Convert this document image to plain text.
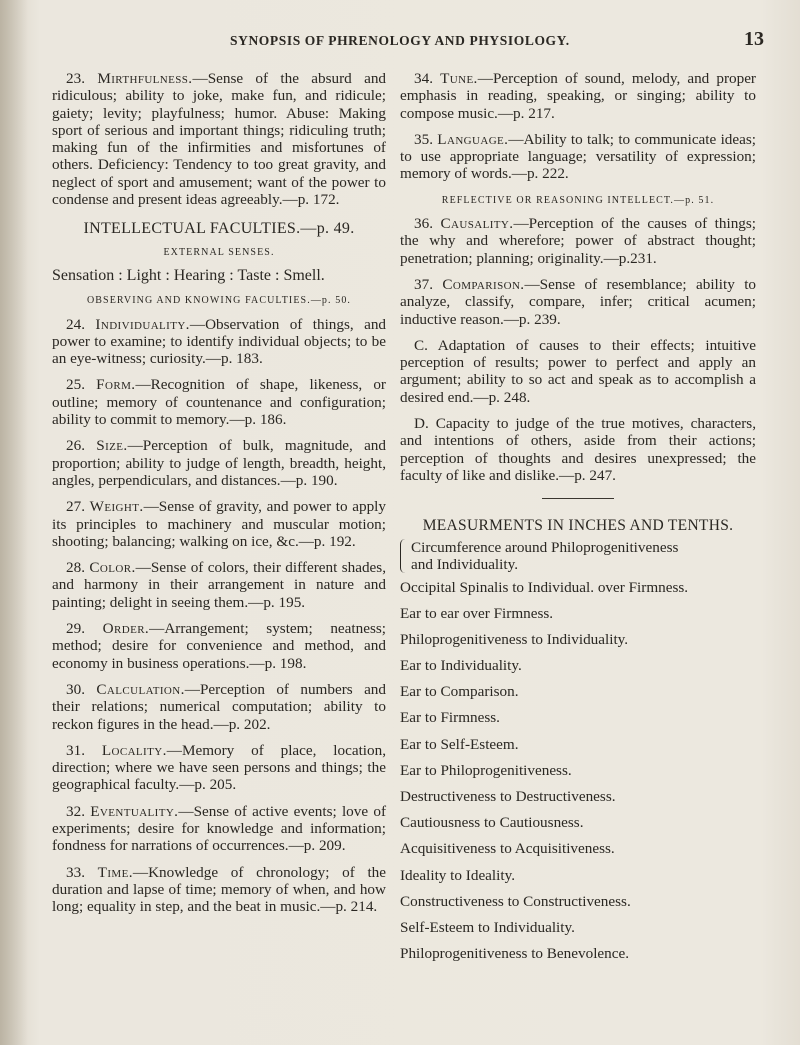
SYNOPSIS OF PHRENOLOGY AND PHYSIOLOGY.	13

23. Mirthfulness.—Sense of the absurd and ridiculous; ability to joke, make fun, and ridicule; gaiety; levity; playfulness; humor. Abuse: Making sport of serious and important things; ridiculing truth; making fun of the infirmities and misfortunes of others. Deficiency: Tendency to too great gravity, and neglect of sport and amusement; want of the power to condense and present ideas agreeably.—p. 172.

INTELLECTUAL FACULTIES.—p. 49.
EXTERNAL SENSES.
Sensation : Light : Hearing : Taste : Smell.
OBSERVING AND KNOWING FACULTIES.—p. 50.

24. Individuality.—Observation of things, and power to examine; to identify individual objects; to be an eye-witness; curiosity.—p. 183.

25. Form.—Recognition of shape, likeness, or outline; memory of countenance and configuration; ability to commit to memory.—p. 186.

26. Size.—Perception of bulk, magnitude, and proportion; ability to judge of length, breadth, height, angles, perpendiculars, and distances.—p. 190.

27. Weight.—Sense of gravity, and power to apply its principles to machinery and muscular motion; shooting; balancing; walking on ice, &c.—p. 192.

28. Color.—Sense of colors, their different shades, and harmony in their arrangement in nature and painting; delight in seeing them.—p. 195.

29. Order.—Arrangement; system; neatness; method; desire for convenience and method, and economy in business operations.—p. 198.

30. Calculation.—Perception of numbers and their relations; numerical computation; ability to reckon figures in the head.—p. 202.

31. Locality.—Memory of place, location, direction; where we have seen persons and things; the geographical faculty.—p. 205.

32. Eventuality.—Sense of active events; love of experiments; desire for knowledge and information; fondness for narrations of occurrences.—p. 209.

33. Time.—Knowledge of chronology; of the duration and lapse of time; memory of when, and how long; equality in step, and the beat in music.—p. 214.

34. Tune.—Perception of sound, melody, and proper emphasis in reading, speaking, or singing; ability to compose music.—p. 217.

35. Language.—Ability to talk; to communicate ideas; to use appropriate language; versatility of expression; memory of words.—p. 222.

REFLECTIVE OR REASONING INTELLECT.—p. 51.

36. Causality.—Perception of the causes of things; the why and wherefore; power of abstract thought; penetration; planning; originality.—p.231.

37. Comparison.—Sense of resemblance; ability to analyze, classify, compare, infer; critical acumen; inductive reason.—p. 239.

C. Adaptation of causes to their effects; intuitive perception of results; power to perfect and apply an argument; ability to so act and speak as to accomplish a desired end.—p. 248.

D. Capacity to judge of the true motives, characters, and intentions of others, aside from their actions; perception of thoughts and desires unexpressed; the faculty of like and dislike.—p. 247.

MEASURMENTS IN INCHES AND TENTHS.
Circumference around Philoprogenitiveness
and Individuality.
Occipital Spinalis to Individual. over Firmness.
Ear to ear over Firmness.
Philoprogenitiveness to Individuality.
Ear to Individuality.
Ear to Comparison.
Ear to Firmness.
Ear to Self-Esteem.
Ear to Philoprogenitiveness.
Destructiveness to Destructiveness.
Cautiousness to Cautiousness.
Acquisitiveness to Acquisitiveness.
Ideality to Ideality.
Constructiveness to Constructiveness.
Self-Esteem to Individuality.
Philoprogenitiveness to Benevolence.
